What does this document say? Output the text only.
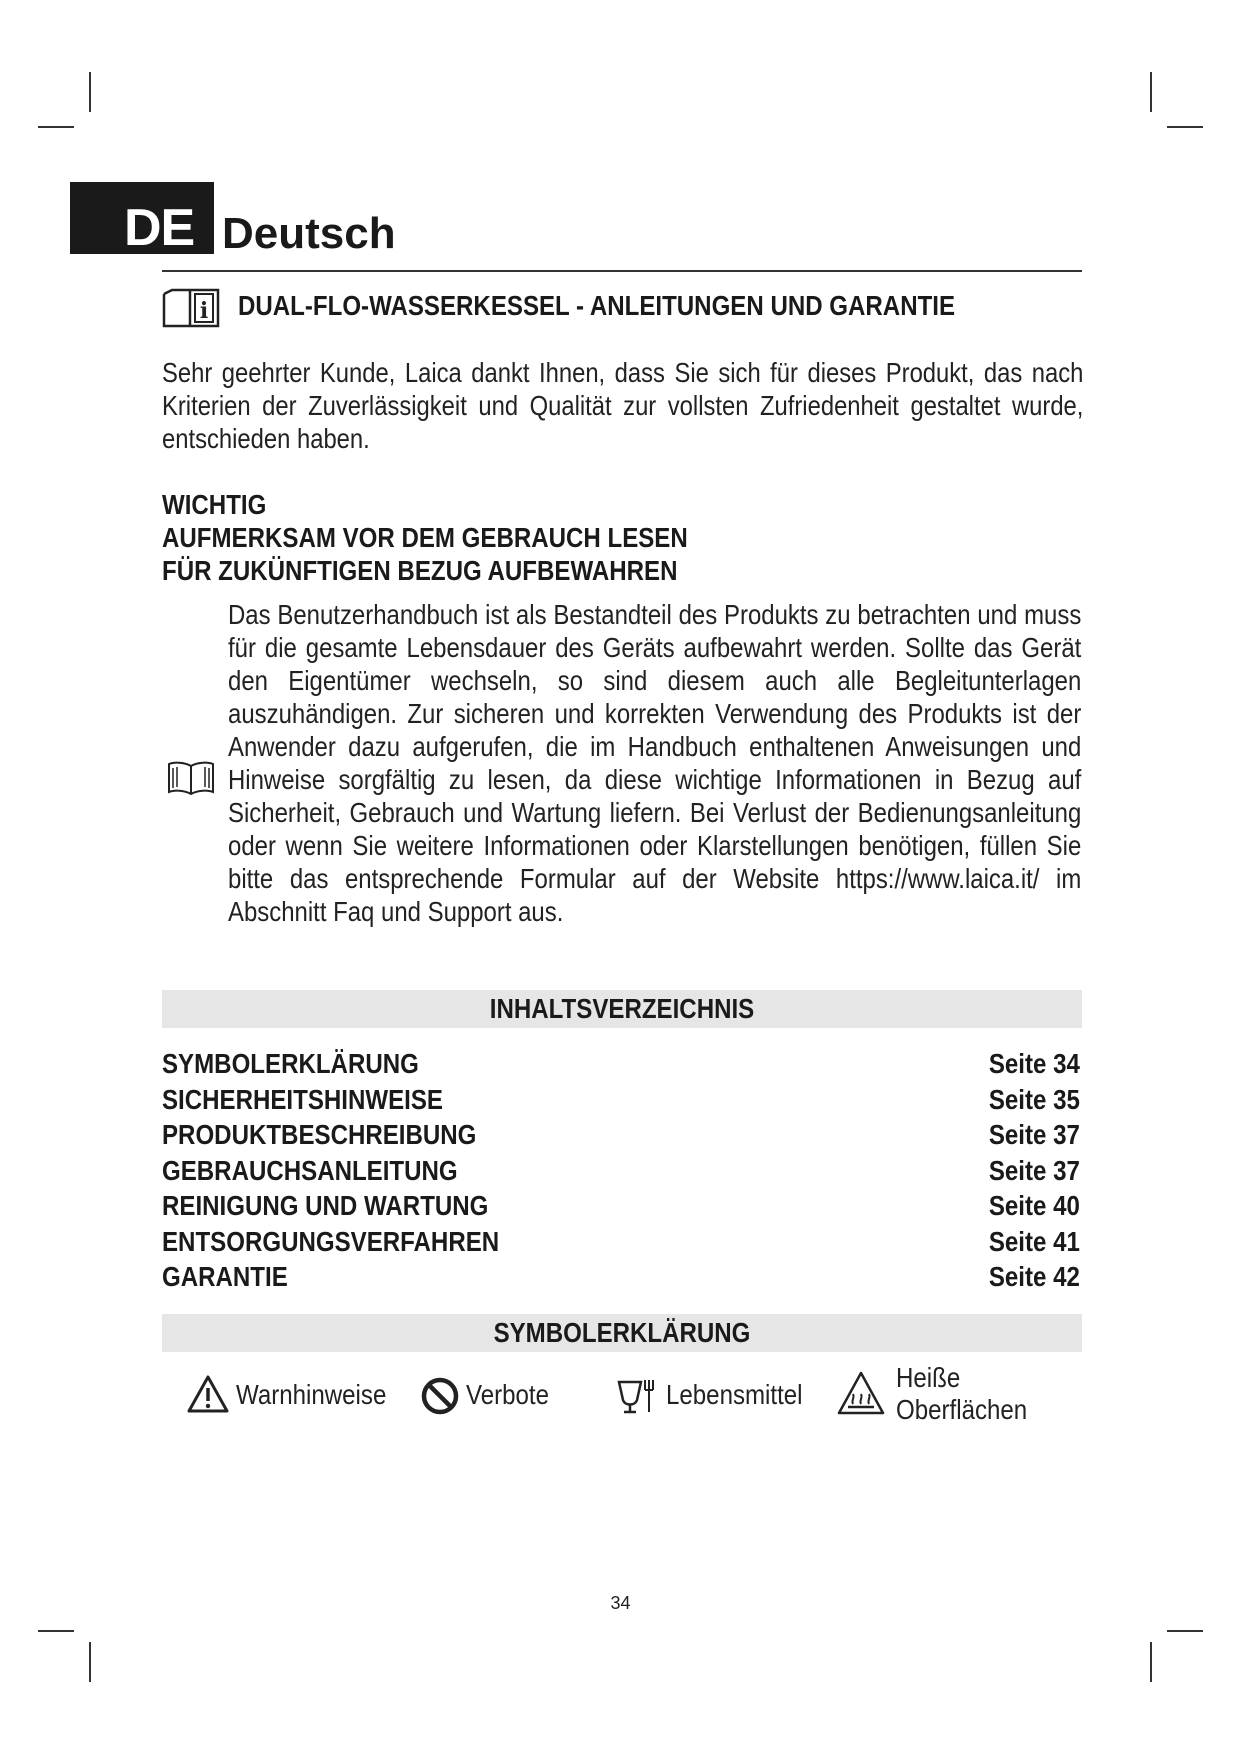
DE Deutsch
i DUAL-FLO-WASSERKESSEL - ANLEITUNGEN UND GARANTIE
Sehr geehrter Kunde, Laica dankt Ihnen, dass Sie sich für dieses Produkt, das nach Kriterien der Zuverlässigkeit und Qualität zur vollsten Zufriedenheit gestaltet wurde, entschieden haben.
WICHTIG
AUFMERKSAM VOR DEM GEBRAUCH LESEN
FÜR ZUKÜNFTIGEN BEZUG AUFBEWAHREN
Das Benutzerhandbuch ist als Bestandteil des Produkts zu betrachten und muss für die gesamte Lebensdauer des Geräts aufbewahrt werden. Sollte das Gerät den Eigentümer wechseln, so sind diesem auch alle Begleitunterlagen auszuhändigen. Zur sicheren und korrekten Verwendung des Produkts ist der Anwender dazu aufgerufen, die im Handbuch enthaltenen Anweisungen und Hinweise sorgfältig zu lesen, da diese wichtige Informationen in Bezug auf Sicherheit, Gebrauch und Wartung liefern. Bei Verlust der Bedienungsanleitung oder wenn Sie weitere Informationen oder Klarstellungen benötigen, füllen Sie bitte das entsprechende Formular auf der Website https://www.laica.it/ im Abschnitt Faq und Support aus.
INHALTSVERZEICHNIS
SYMBOLERKLÄRUNG	Seite 34
SICHERHEITSHINWEISE	Seite 35
PRODUKTBESCHREIBUNG	Seite 37
GEBRAUCHSANLEITUNG	Seite 37
REINIGUNG UND WARTUNG	Seite 40
ENTSORGUNGSVERFAHREN	Seite 41
GARANTIE	Seite 42
SYMBOLERKLÄRUNG
Warnhinweise	Verbote	Lebensmittel
Heiße
Oberflächen
34
